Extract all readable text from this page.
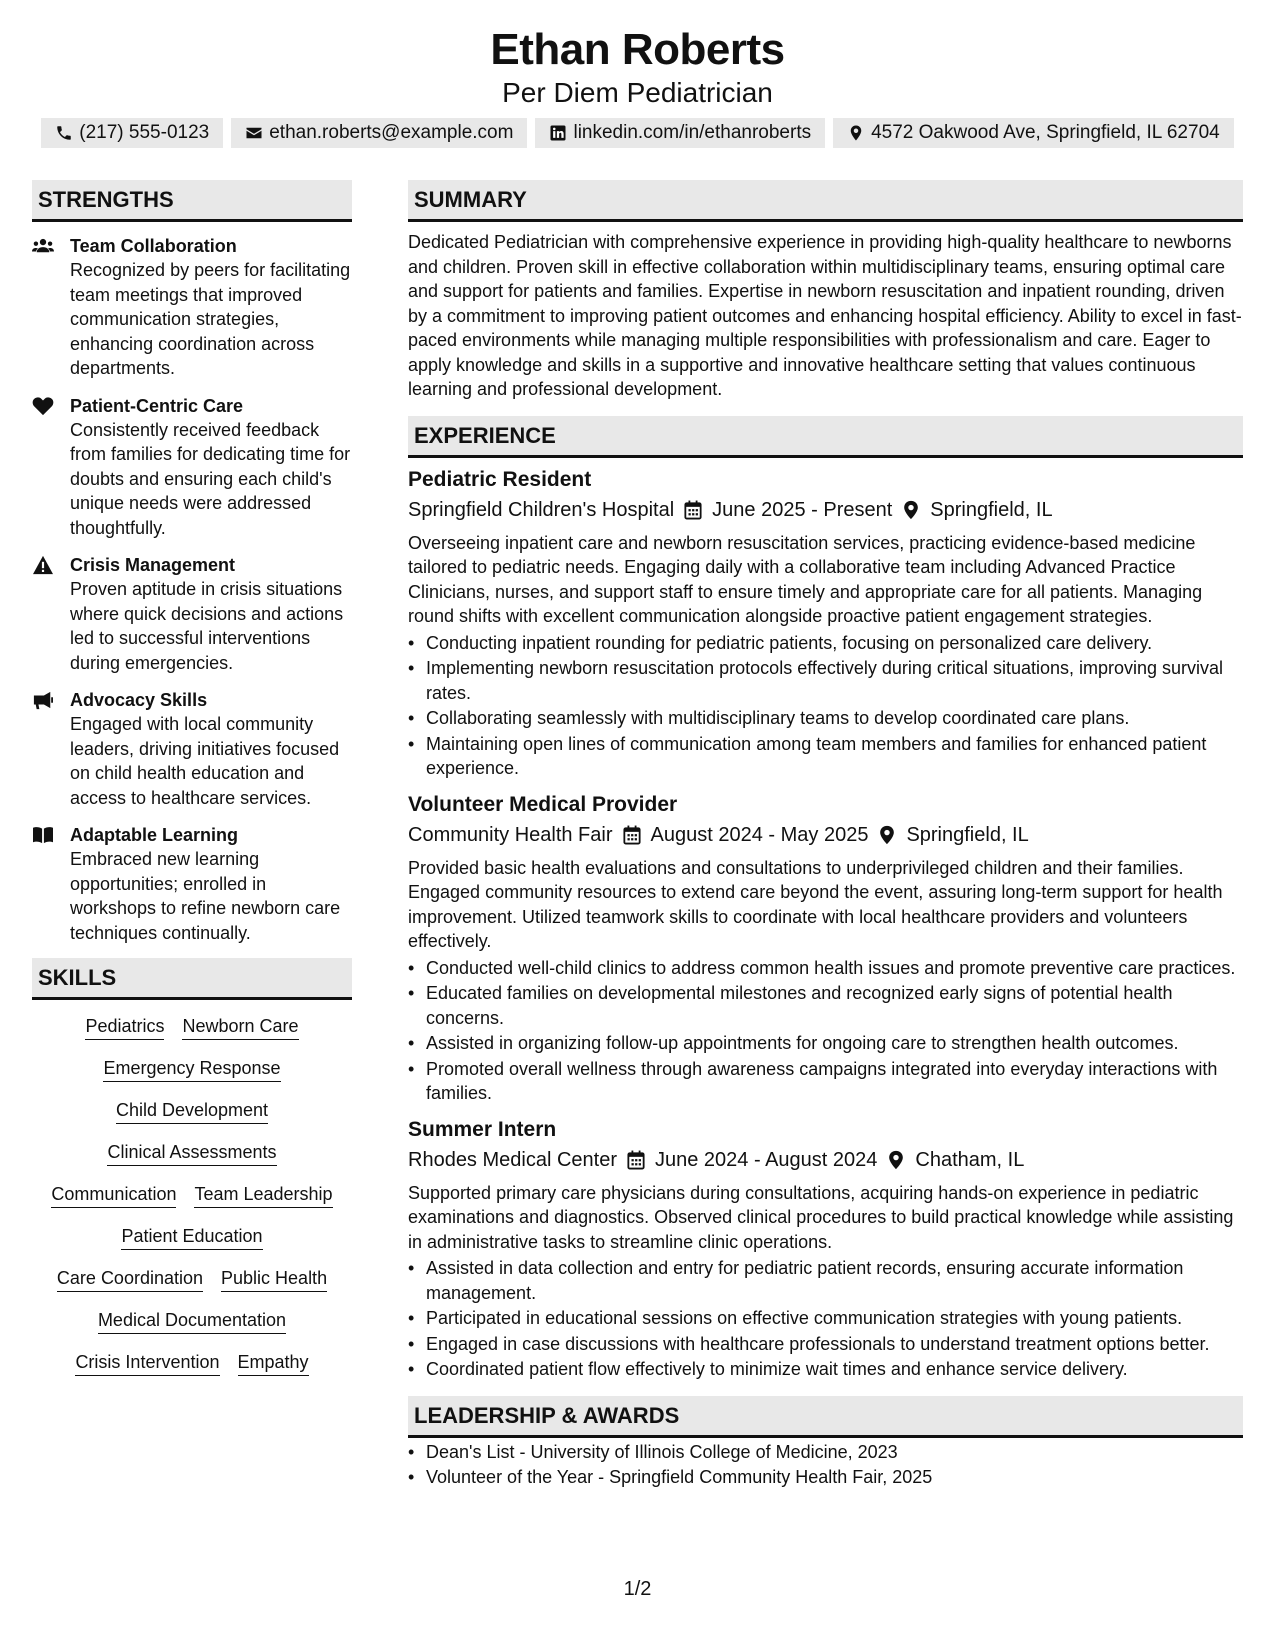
Ethan Roberts
Per Diem Pediatrician
(217) 555-0123	ethan.roberts@example.com	linkedin.com/in/ethanroberts	4572 Oakwood Ave, Springfield, IL 62704
STRENGTHS
Team Collaboration
Recognized by peers for facilitating team meetings that improved communication strategies, enhancing coordination across departments.
Patient-Centric Care
Consistently received feedback from families for dedicating time for doubts and ensuring each child's unique needs were addressed thoughtfully.
Crisis Management
Proven aptitude in crisis situations where quick decisions and actions led to successful interventions during emergencies.
Advocacy Skills
Engaged with local community leaders, driving initiatives focused on child health education and access to healthcare services.
Adaptable Learning
Embraced new learning opportunities; enrolled in workshops to refine newborn care techniques continually.
SKILLS
Pediatrics Newborn Care
Emergency Response
Child Development
Clinical Assessments
Communication Team Leadership
Patient Education
Care Coordination Public Health
Medical Documentation
Crisis Intervention Empathy
SUMMARY
Dedicated Pediatrician with comprehensive experience in providing high-quality healthcare to newborns and children. Proven skill in effective collaboration within multidisciplinary teams, ensuring optimal care and support for patients and families. Expertise in newborn resuscitation and inpatient rounding, driven by a commitment to improving patient outcomes and enhancing hospital efficiency. Ability to excel in fast-paced environments while managing multiple responsibilities with professionalism and care. Eager to apply knowledge and skills in a supportive and innovative healthcare setting that values continuous learning and professional development.
EXPERIENCE
Pediatric Resident
Springfield Children's Hospital June 2025 - Present Springfield, IL
Overseeing inpatient care and newborn resuscitation services, practicing evidence-based medicine tailored to pediatric needs. Engaging daily with a collaborative team including Advanced Practice Clinicians, nurses, and support staff to ensure timely and appropriate care for all patients. Managing round shifts with excellent communication alongside proactive patient engagement strategies.
• Conducting inpatient rounding for pediatric patients, focusing on personalized care delivery.
• Implementing newborn resuscitation protocols effectively during critical situations, improving survival rates.
• Collaborating seamlessly with multidisciplinary teams to develop coordinated care plans.
• Maintaining open lines of communication among team members and families for enhanced patient experience.
Volunteer Medical Provider
Community Health Fair August 2024 - May 2025 Springfield, IL
Provided basic health evaluations and consultations to underprivileged children and their families. Engaged community resources to extend care beyond the event, assuring long-term support for health improvement. Utilized teamwork skills to coordinate with local healthcare providers and volunteers effectively.
• Conducted well-child clinics to address common health issues and promote preventive care practices.
• Educated families on developmental milestones and recognized early signs of potential health concerns.
• Assisted in organizing follow-up appointments for ongoing care to strengthen health outcomes.
• Promoted overall wellness through awareness campaigns integrated into everyday interactions with families.
Summer Intern
Rhodes Medical Center June 2024 - August 2024 Chatham, IL
Supported primary care physicians during consultations, acquiring hands-on experience in pediatric examinations and diagnostics. Observed clinical procedures to build practical knowledge while assisting in administrative tasks to streamline clinic operations.
• Assisted in data collection and entry for pediatric patient records, ensuring accurate information management.
• Participated in educational sessions on effective communication strategies with young patients.
• Engaged in case discussions with healthcare professionals to understand treatment options better.
• Coordinated patient flow effectively to minimize wait times and enhance service delivery.
LEADERSHIP & AWARDS
• Dean's List - University of Illinois College of Medicine, 2023
• Volunteer of the Year - Springfield Community Health Fair, 2025
1/2
